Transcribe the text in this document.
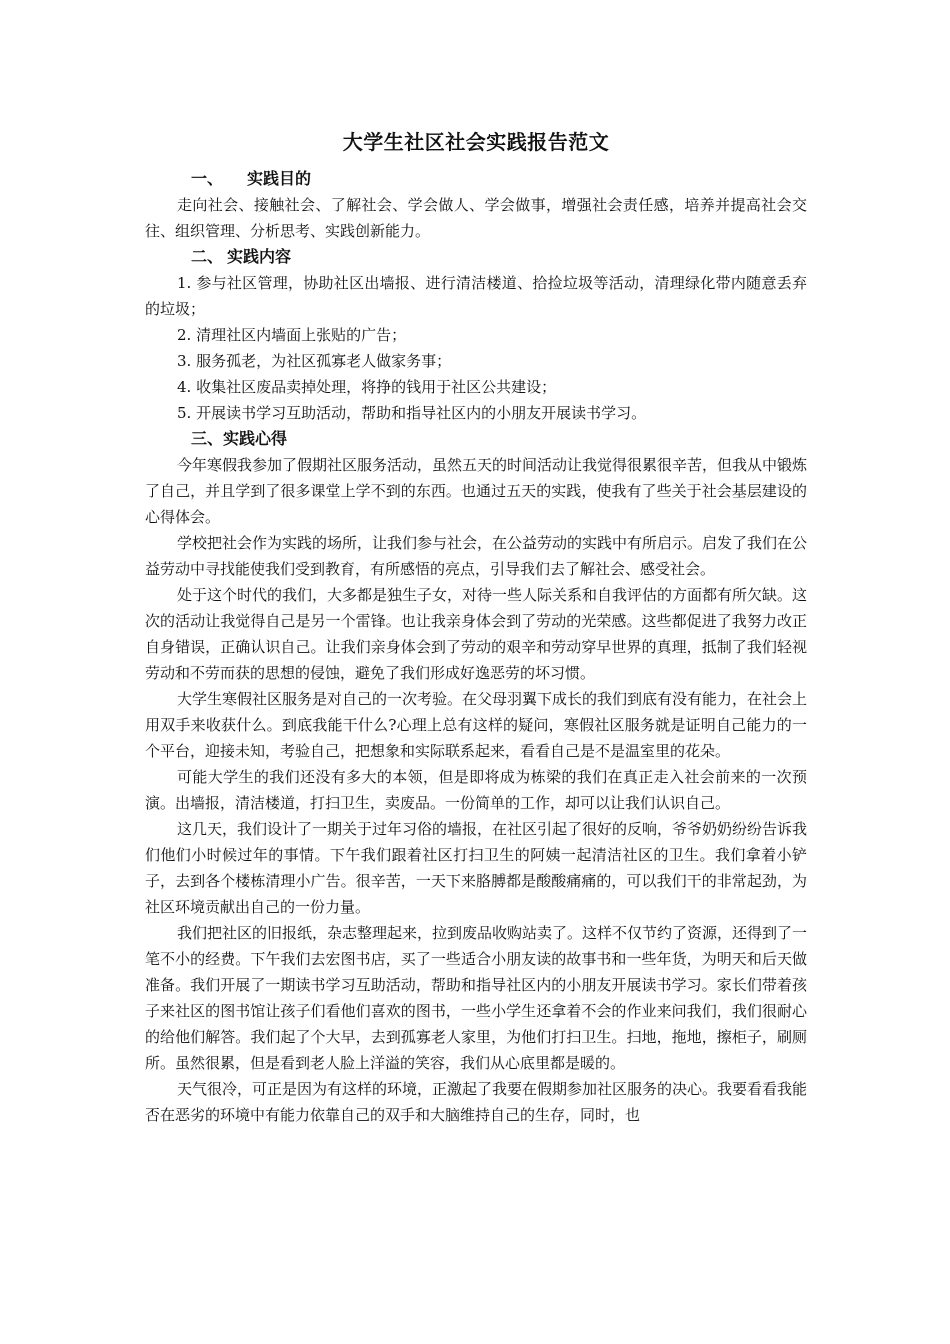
大学生社区社会实践报告范文
一、 实践目的

走向社会、接触社会、了解社会、学会做人、学会做事，增强社会责任感，培养并提高社会交往、组织管理、分析思考、实践创新能力。

二、 实践内容

1. 参与社区管理，协助社区出墙报、进行清洁楼道、拾捡垃圾等活动，清理绿化带内随意丢弃的垃圾；

2. 清理社区内墙面上张贴的广告；

3. 服务孤老，为社区孤寡老人做家务事；

4. 收集社区废品卖掉处理，将挣的钱用于社区公共建设；

5. 开展读书学习互助活动，帮助和指导社区内的小朋友开展读书学习。

三、实践心得

今年寒假我参加了假期社区服务活动，虽然五天的时间活动让我觉得很累很辛苦，但我从中锻炼了自己，并且学到了很多课堂上学不到的东西。也通过五天的实践，使我有了些关于社会基层建设的心得体会。

学校把社会作为实践的场所，让我们参与社会，在公益劳动的实践中有所启示。启发了我们在公益劳动中寻找能使我们受到教育，有所感悟的亮点，引导我们去了解社会、感受社会。

处于这个时代的我们，大多都是独生子女，对待一些人际关系和自我评估的方面都有所欠缺。这次的活动让我觉得自己是另一个雷锋。也让我亲身体会到了劳动的光荣感。这些都促进了我努力改正自身错误，正确认识自己。让我们亲身体会到了劳动的艰辛和劳动穿早世界的真理，抵制了我们轻视劳动和不劳而获的思想的侵蚀，避免了我们形成好逸恶劳的坏习惯。

大学生寒假社区服务是对自己的一次考验。在父母羽翼下成长的我们到底有没有能力，在社会上用双手来收获什么。到底我能干什么?心理上总有这样的疑问，寒假社区服务就是证明自己能力的一个平台，迎接未知，考验自己，把想象和实际联系起来，看看自己是不是温室里的花朵。

可能大学生的我们还没有多大的本领，但是即将成为栋梁的我们在真正走入社会前来的一次预演。出墙报，清洁楼道，打扫卫生，卖废品。一份简单的工作，却可以让我们认识自己。

这几天，我们设计了一期关于过年习俗的墙报，在社区引起了很好的反响，爷爷奶奶纷纷告诉我们他们小时候过年的事情。下午我们跟着社区打扫卫生的阿姨一起清洁社区的卫生。我们拿着小铲子，去到各个楼栋清理小广告。很辛苦，一天下来胳膊都是酸酸痛痛的，可以我们干的非常起劲，为社区环境贡献出自己的一份力量。

我们把社区的旧报纸，杂志整理起来，拉到废品收购站卖了。这样不仅节约了资源，还得到了一笔不小的经费。下午我们去宏图书店，买了一些适合小朋友读的故事书和一些年货，为明天和后天做准备。我们开展了一期读书学习互助活动，帮助和指导社区内的小朋友开展读书学习。家长们带着孩子来社区的图书馆让孩子们看他们喜欢的图书，一些小学生还拿着不会的作业来问我们，我们很耐心的给他们解答。我们起了个大早，去到孤寡老人家里，为他们打扫卫生。扫地，拖地，擦柜子，刷厕所。虽然很累，但是看到老人脸上洋溢的笑容，我们从心底里都是暖的。

天气很冷，可正是因为有这样的环境，正激起了我要在假期参加社区服务的决心。我要看看我能否在恶劣的环境中有能力依靠自己的双手和大脑维持自己的生存，同时，也
